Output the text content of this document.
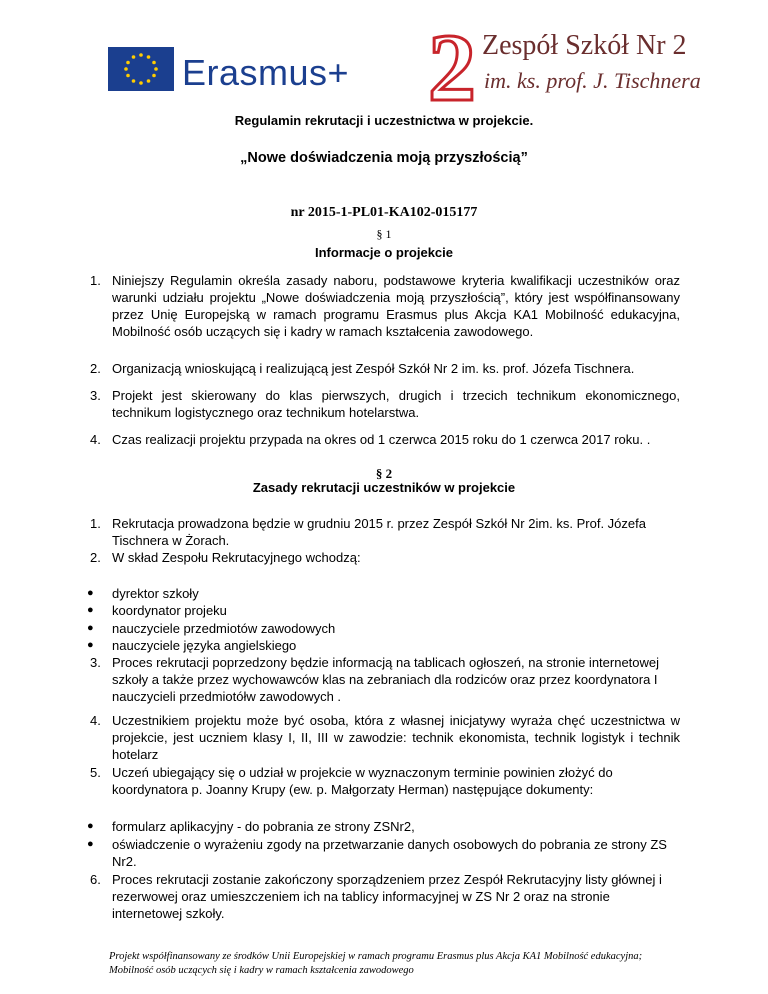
Erasmus+ 2 Zespół Szkół Nr 2
im. ks. prof. J. Tischnera
Regulamin rekrutacji i uczestnictwa w projekcie.
„Nowe doświadczenia moją przyszłością”
nr 2015-1-PL01-KA102-015177
§ 1
Informacje o projekcie
1. Niniejszy Regulamin określa zasady naboru, podstawowe kryteria kwalifikacji uczestników oraz warunki udziału projektu „Nowe doświadczenia moją przyszłością”, który jest współfinansowany przez Unię Europejską w ramach programu Erasmus plus Akcja KA1 Mobilność edukacyjna, Mobilność osób uczących się i kadry w ramach kształcenia zawodowego.
2. Organizacją wnioskującą i realizującą jest Zespół Szkół Nr 2 im. ks. prof. Józefa Tischnera.
3. Projekt jest skierowany do klas pierwszych, drugich i trzecich technikum ekonomicznego, technikum logistycznego oraz technikum hotelarstwa.
4. Czas realizacji projektu przypada na okres od 1 czerwca 2015 roku do 1 czerwca 2017 roku. .
§ 2
Zasady rekrutacji uczestników w projekcie
1. Rekrutacja prowadzona będzie w grudniu 2015 r. przez Zespół Szkół Nr 2im. ks. Prof. Józefa Tischnera w Żorach.
2. W skład Zespołu Rekrutacyjnego wchodzą:
● dyrektor szkoły
● koordynator projeku
● nauczyciele przedmiotów zawodowych
● nauczyciele języka angielskiego
3. Proces rekrutacji poprzedzony będzie informacją na tablicach ogłoszeń, na stronie internetowej szkoły a także przez wychowawców klas na zebraniach dla rodziców oraz przez koordynatora I nauczycieli przedmiotółw zawodowych .
4. Uczestnikiem projektu może być osoba, która z własnej inicjatywy wyraża chęć uczestnictwa w projekcie, jest uczniem klasy I, II, III w zawodzie: technik ekonomista, technik logistyk i technik hotelarz
5. Uczeń ubiegający się o udział w projekcie w wyznaczonym terminie powinien złożyć do koordynatora p. Joanny Krupy (ew. p. Małgorzaty Herman) następujące dokumenty:
● formularz aplikacyjny - do pobrania ze strony ZSNr2,
● oświadczenie o wyrażeniu zgody na przetwarzanie danych osobowych do pobrania ze strony ZS Nr2.
6. Proces rekrutacji zostanie zakończony sporządzeniem przez Zespół Rekrutacyjny listy głównej i rezerwowej oraz umieszczeniem ich na tablicy informacyjnej w ZS Nr 2 oraz na stronie internetowej szkoły.
Projekt współfinansowany ze środków Unii Europejskiej w ramach programu Erasmus plus Akcja KA1 Mobilność edukacyjna; Mobilność osób uczących się i kadry w ramach kształcenia zawodowego
